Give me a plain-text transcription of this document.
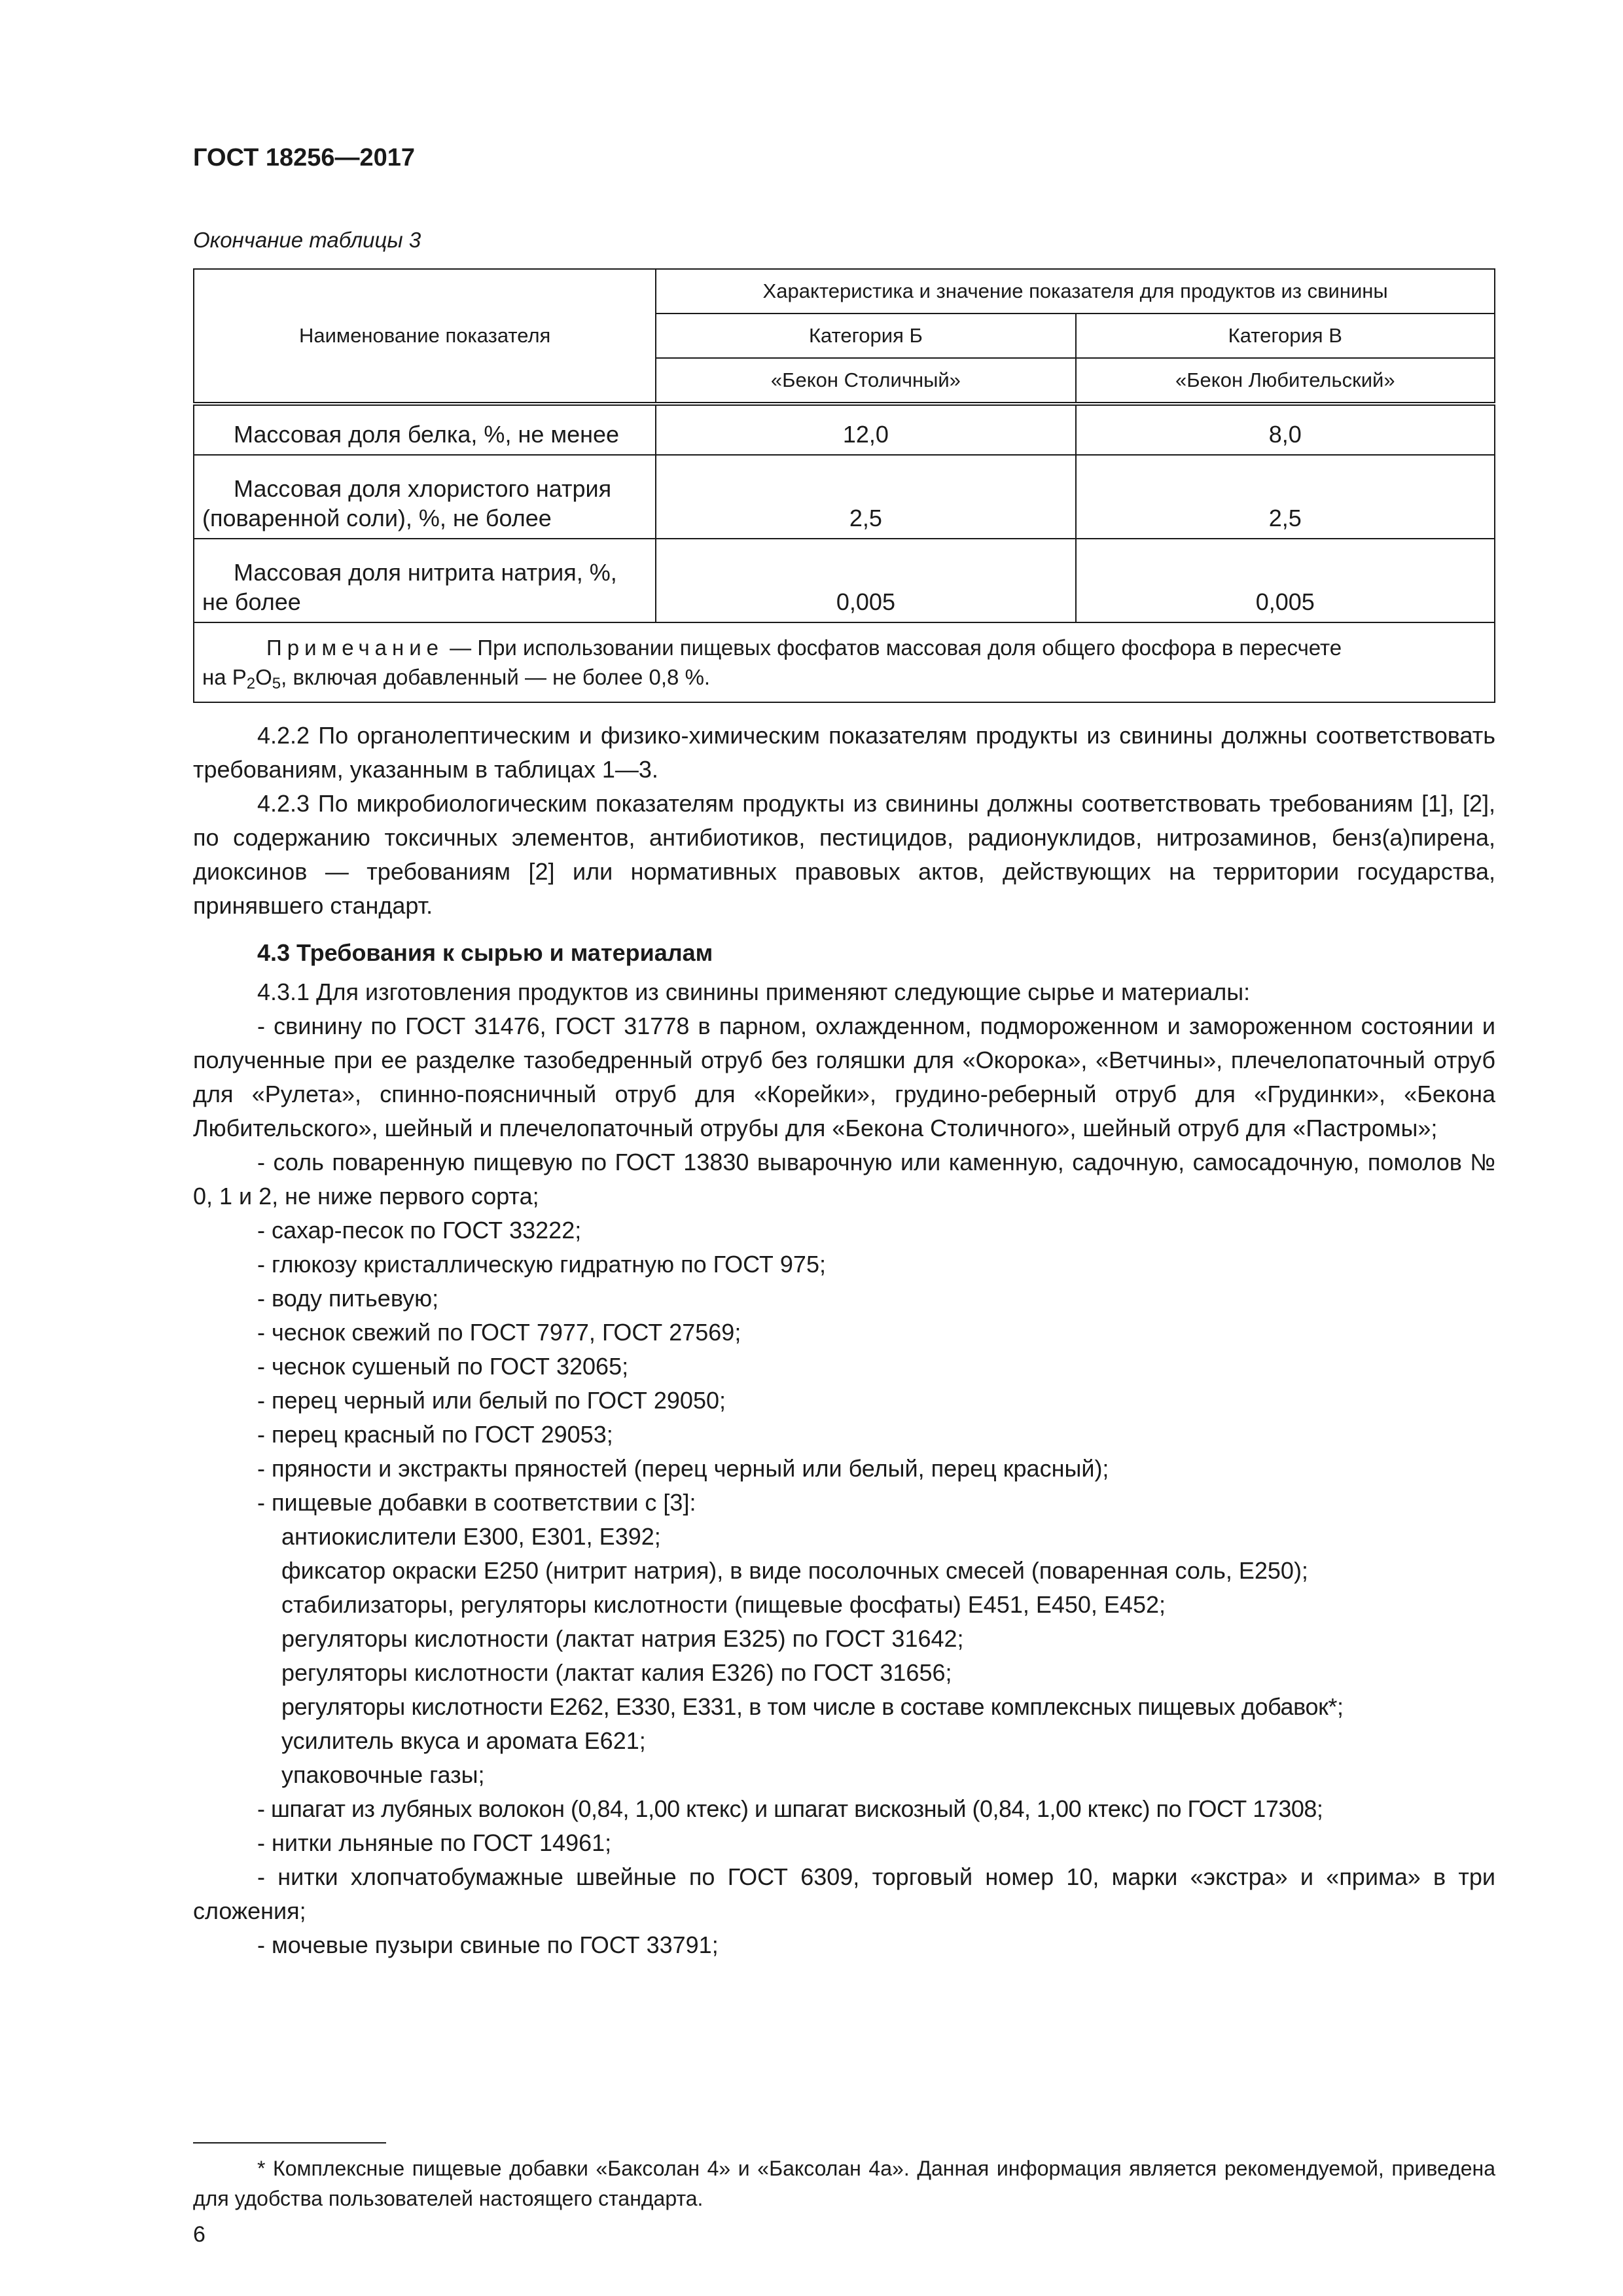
ГОСТ 18256—2017
Окончание таблицы 3
Наименование показателя	Характеристика и значение показателя для продуктов из свинины	
	Категория Б	Категория В
	«Бекон Столичный»	«Бекон Любительский»
Массовая доля белка, %, не менее	12,0	8,0
Массовая доля хлористого натрия
(поваренной соли), %, не более	2,5	2,5
Массовая доля нитрита натрия, %,
не более	0,005	0,005
Примечание — При использовании пищевых фосфатов массовая доля общего фосфора в пересчете
на $P_2O_5$, включая добавленный — не более 0,8 %.		

4.2.2 По органолептическим и физико-химическим показателям продукты из свинины должны соответствовать требованиям, указанным в таблицах 1—3.

4.2.3 По микробиологическим показателям продукты из свинины должны соответствовать требованиям [1], [2], по содержанию токсичных элементов, антибиотиков, пестицидов, радионуклидов, нитрозаминов, бенз(а)пирена, диоксинов — требованиям [2] или нормативных правовых актов, действующих на территории государства, принявшего стандарт.

4.3 Требования к сырью и материалам

4.3.1 Для изготовления продуктов из свинины применяют следующие сырье и материалы:

- свинину по ГОСТ 31476, ГОСТ 31778 в парном, охлажденном, подмороженном и замороженном состоянии и полученные при ее разделке тазобедренный отруб без голяшки для «Окорока», «Ветчины», плечелопаточный отруб для «Рулета», спинно-поясничный отруб для «Корейки», грудино-реберный отруб для «Грудинки», «Бекона Любительского», шейный и плечелопаточный отрубы для «Бекона Столичного», шейный отруб для «Пастромы»;

- соль поваренную пищевую по ГОСТ 13830 выварочную или каменную, садочную, самосадочную, помолов № 0, 1 и 2, не ниже первого сорта;

- сахар-песок по ГОСТ 33222;

- глюкозу кристаллическую гидратную по ГОСТ 975;

- воду питьевую;

- чеснок свежий по ГОСТ 7977, ГОСТ 27569;

- чеснок сушеный по ГОСТ 32065;

- перец черный или белый по ГОСТ 29050;

- перец красный по ГОСТ 29053;

- пряности и экстракты пряностей (перец черный или белый, перец красный);

- пищевые добавки в соответствии с [3]:

антиокислители Е300, Е301, Е392;

фиксатор окраски Е250 (нитрит натрия), в виде посолочных смесей (поваренная соль, Е250);

стабилизаторы, регуляторы кислотности (пищевые фосфаты) Е451, Е450, Е452;

регуляторы кислотности (лактат натрия Е325) по ГОСТ 31642;

регуляторы кислотности (лактат калия Е326) по ГОСТ 31656;

регуляторы кислотности Е262, Е330, Е331, в том числе в составе комплексных пищевых добавок*;

усилитель вкуса и аромата Е621;

упаковочные газы;

- шпагат из лубяных волокон (0,84, 1,00 ктекс) и шпагат вискозный (0,84, 1,00 ктекс) по ГОСТ 17308;

- нитки льняные по ГОСТ 14961;

- нитки хлопчатобумажные швейные по ГОСТ 6309, торговый номер 10, марки «экстра» и «прима» в три сложения;

- мочевые пузыри свиные по ГОСТ 33791;

* Комплексные пищевые добавки «Баксолан 4» и «Баксолан 4а». Данная информация является рекомендуемой, приведена для удобства пользователей настоящего стандарта.
6
